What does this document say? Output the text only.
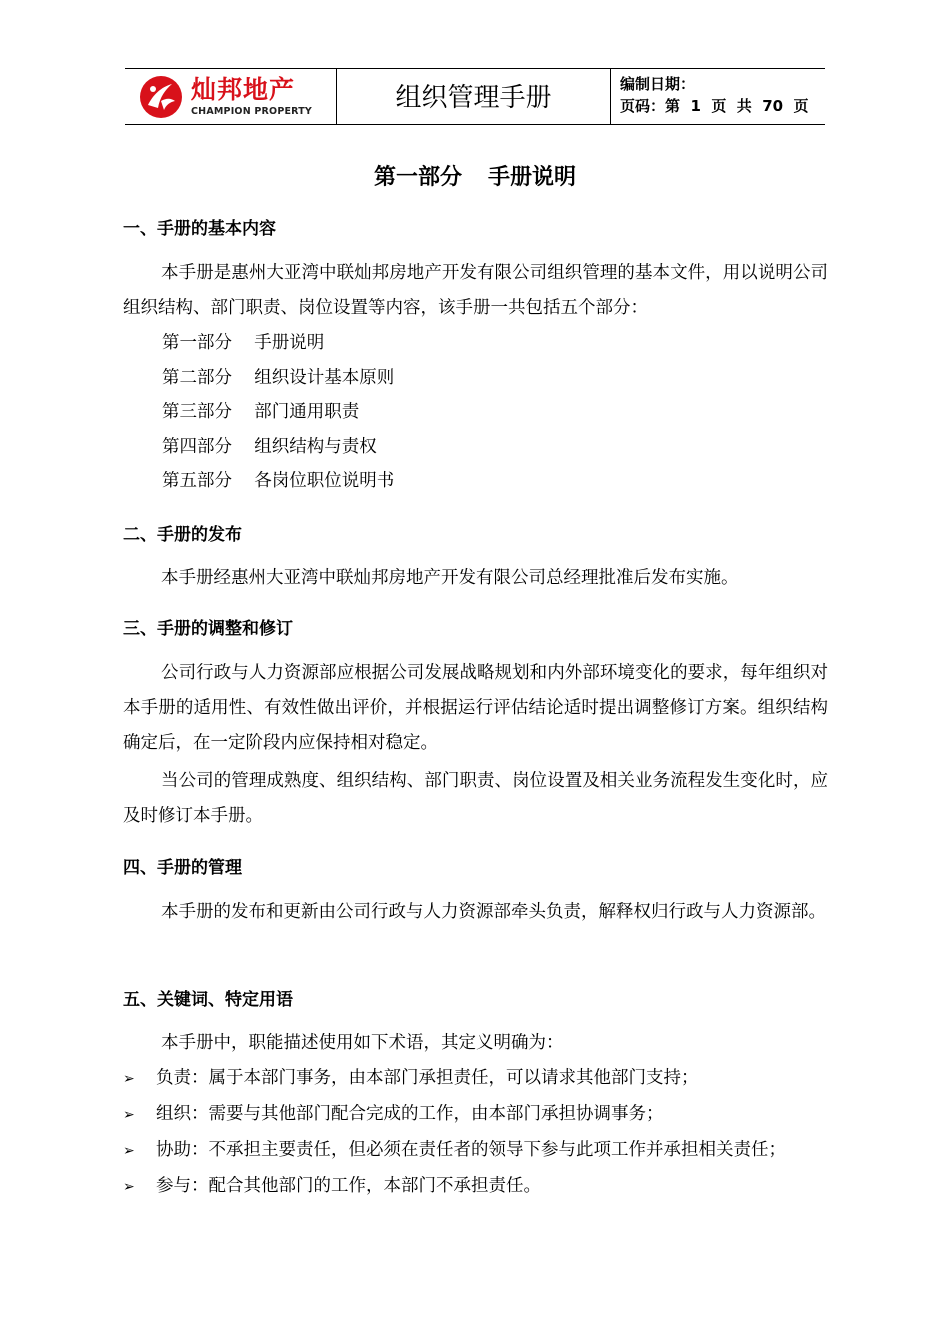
灿邦地产
CHAMPION PROPERTY	组织管理手册	编制日期：
页码：第  1  页  共  70  页
第一部分 手册说明
一、手册的基本内容
本手册是惠州大亚湾中联灿邦房地产开发有限公司组织管理的基本文件，用以说明公司组织结构、部门职责、岗位设置等内容，该手册一共包括五个部分：
第一部分    手册说明
第二部分    组织设计基本原则
第三部分    部门通用职责
第四部分    组织结构与责权
第五部分    各岗位职位说明书
二、手册的发布
本手册经惠州大亚湾中联灿邦房地产开发有限公司总经理批准后发布实施。
三、手册的调整和修订
公司行政与人力资源部应根据公司发展战略规划和内外部环境变化的要求，每年组织对本手册的适用性、有效性做出评价，并根据运行评估结论适时提出调整修订方案。组织结构确定后，在一定阶段内应保持相对稳定。
当公司的管理成熟度、组织结构、部门职责、岗位设置及相关业务流程发生变化时，应及时修订本手册。
四、手册的管理
本手册的发布和更新由公司行政与人力资源部牵头负责，解释权归行政与人力资源部。
五、关键词、特定用语
本手册中，职能描述使用如下术语，其定义明确为：
➢ 负责：属于本部门事务，由本部门承担责任，可以请求其他部门支持；
➢ 组织：需要与其他部门配合完成的工作，由本部门承担协调事务；
➢ 协助：不承担主要责任，但必须在责任者的领导下参与此项工作并承担相关责任；
➢ 参与：配合其他部门的工作，本部门不承担责任。
